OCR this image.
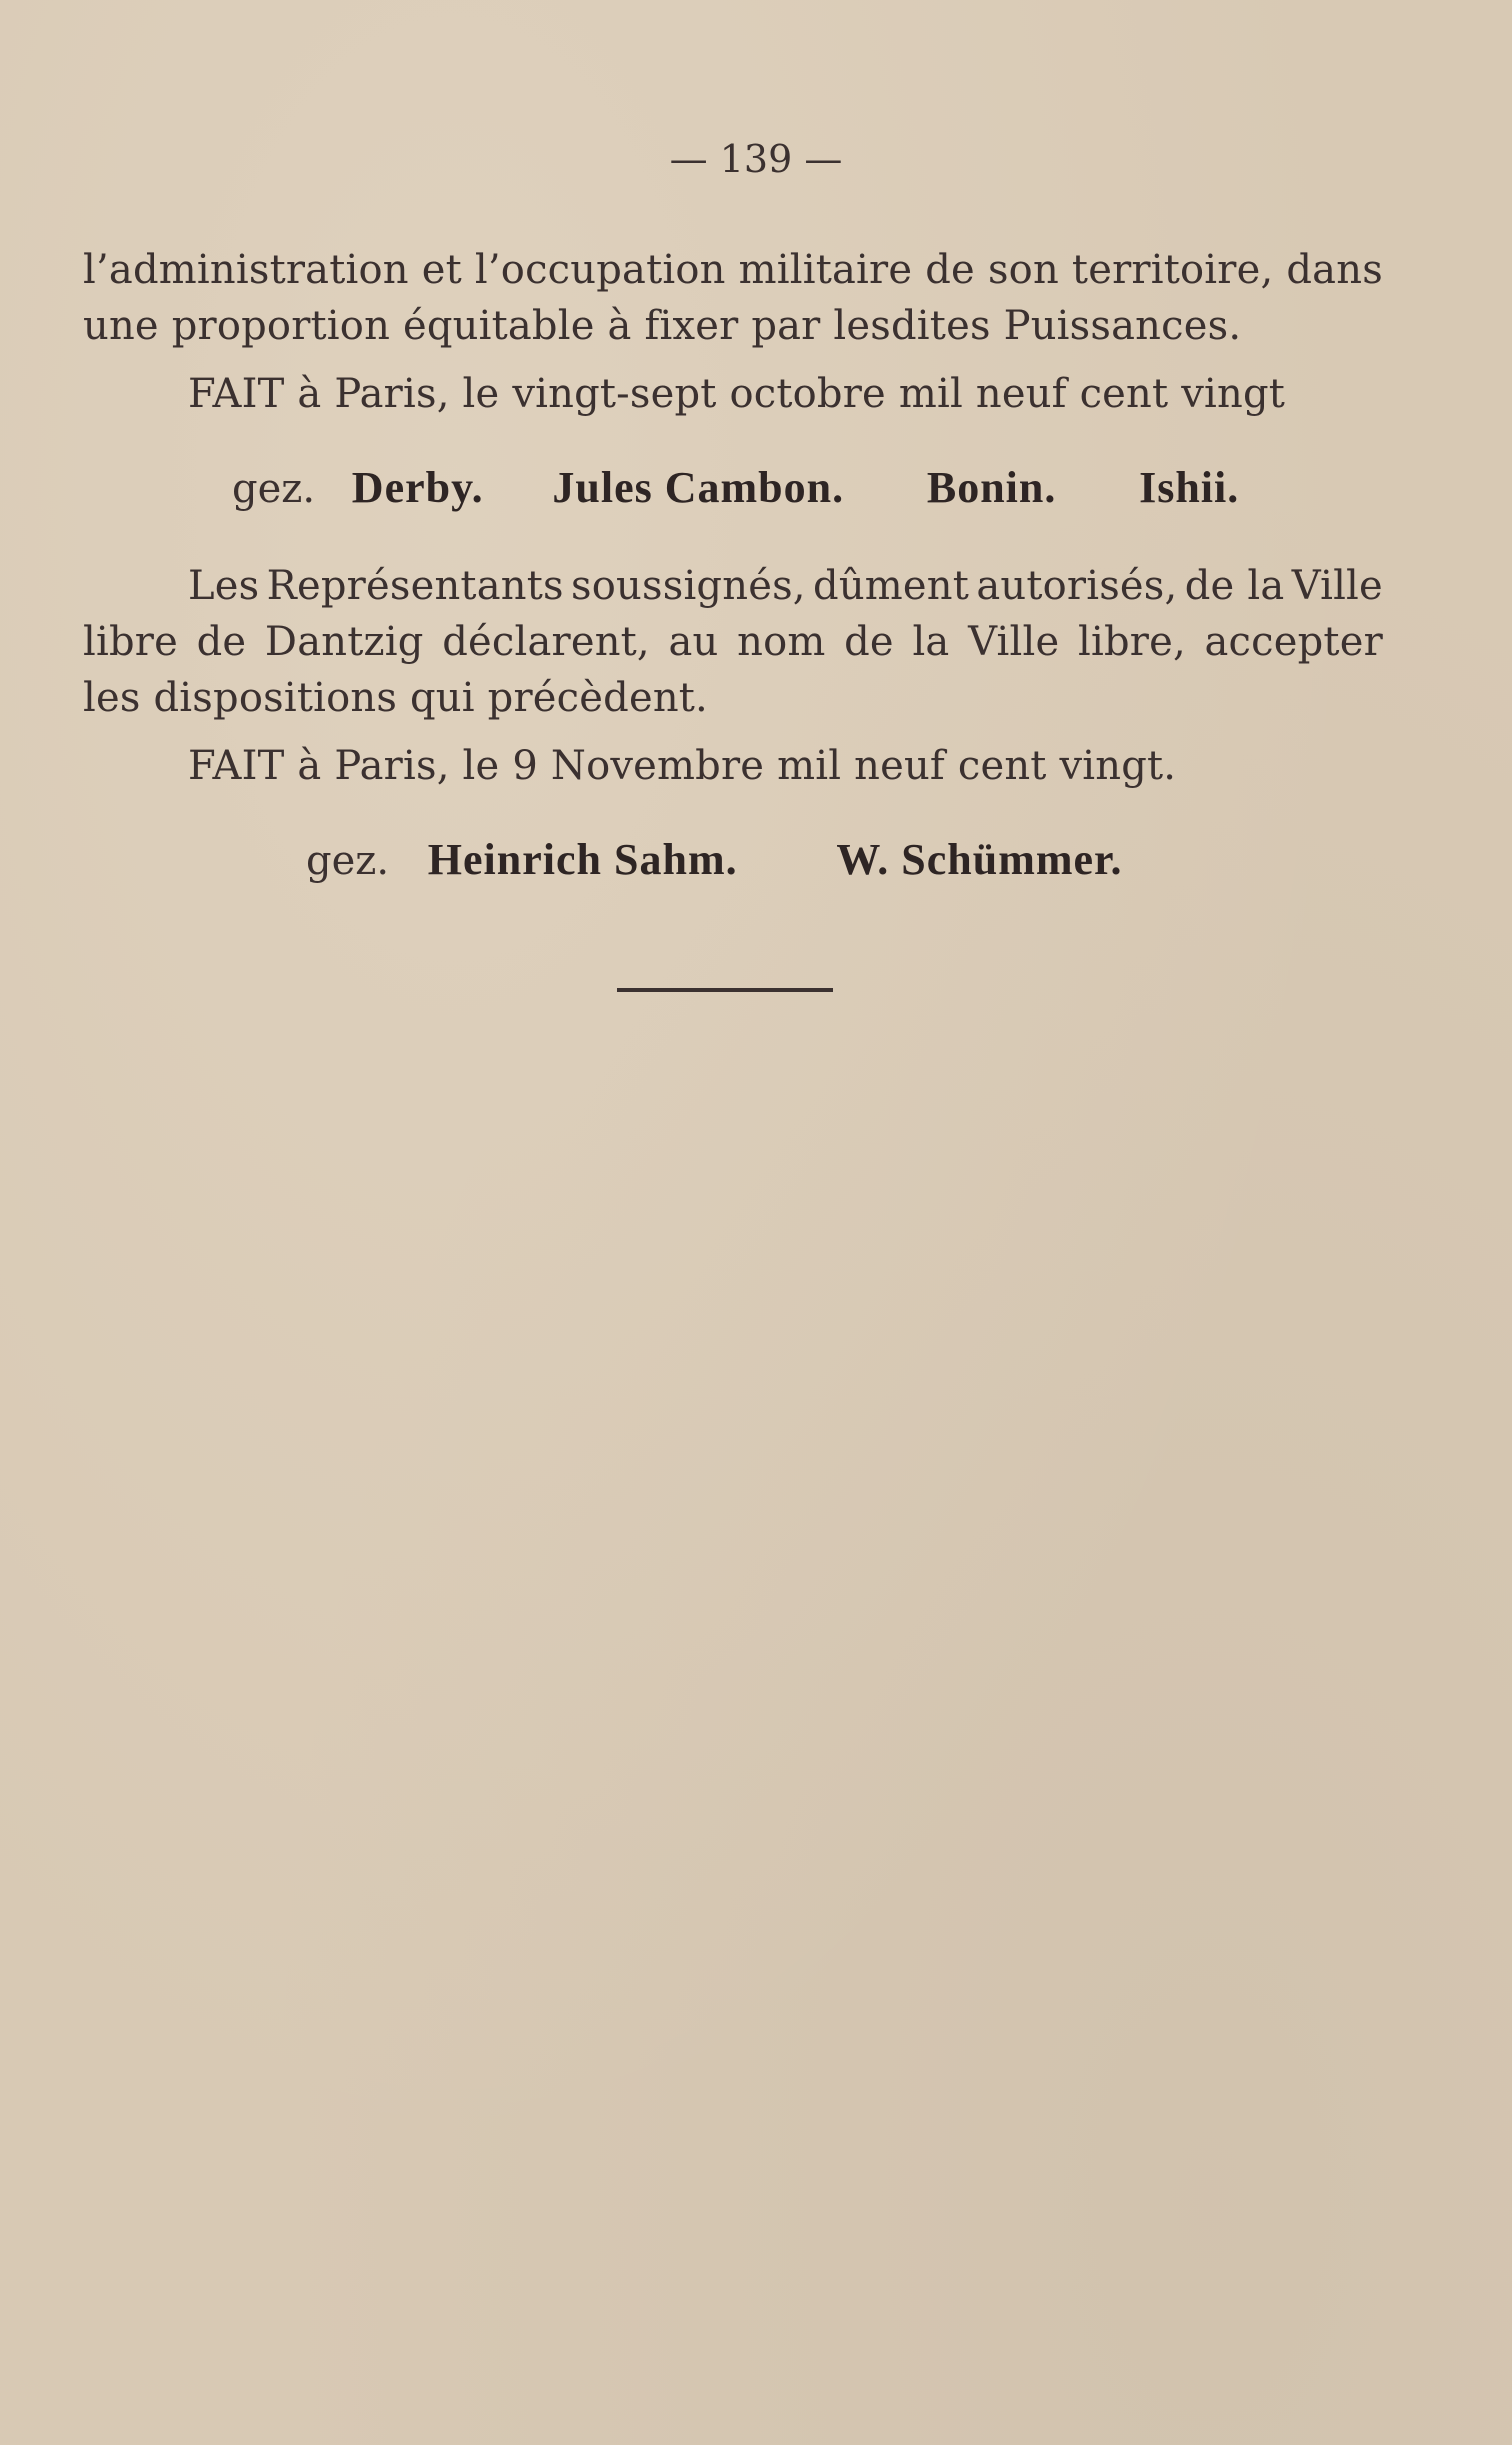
— 139 —
l’administration et l’occupation militaire de son territoire, dans
une proportion équitable à fixer par lesdites Puissances.
FAIT à Paris, le vingt-sept octobre mil neuf cent vingt
gez. Derby. Jules Cambon. Bonin. Ishii.
Les Représentants soussignés, dûment autorisés, de la Ville
libre de Dantzig déclarent, au nom de la Ville libre, accepter
les dispositions qui précèdent.
FAIT à Paris, le 9 Novembre mil neuf cent vingt.
gez. Heinrich Sahm. W. Schümmer.
